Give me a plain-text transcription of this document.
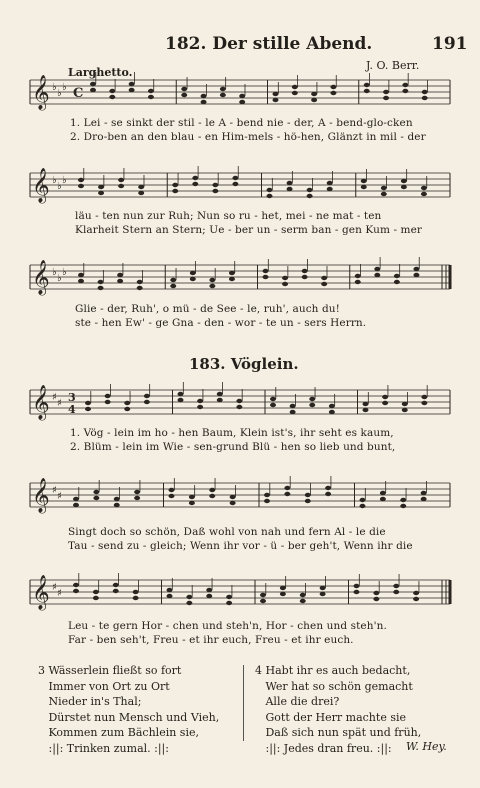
182. Der stille Abend.	191
J. O. Berr.
Larghetto.
𝄞 ♭
♭
♭ C
1. Lei - se sinkt der stil - le A - bend nie - der, A - bend-glo-cken
2. Dro-ben an den blau - en Him-mels - hö-hen, Glänzt in mil - der
𝄞 ♭
♭
♭
läu - ten nun zur Ruh; Nun so ru - het, mei - ne mat - ten
Klarheit Stern an Stern; Ue - ber un - serm ban - gen Kum - mer
𝄞 ♭
♭
♭
Glie - der, Ruh', o mü - de See - le, ruh', auch du!
ste - hen Ew' - ge Gna - den - wor - te un - sers Herrn.
183. Vöglein.
𝄞 ♯
♯ 3
4
1. Vög - lein im ho - hen Baum, Klein ist's, ihr seht es kaum,
2. Blüm - lein im Wie - sen-grund Blü - hen so lieb und bunt,
𝄞 ♯
♯
Singt doch so schön, Daß wohl von nah und fern Al - le die
Tau - send zu - gleich; Wenn ihr vor - ü - ber geh't, Wenn ihr die
𝄞 ♯
♯
Leu - te gern Hor - chen und steh'n, Hor - chen und steh'n.
Far - ben seh't, Freu - et ihr euch, Freu - et ihr euch.
3 Wässerlein fließt so fort
Immer von Ort zu Ort
Nieder in's Thal;
Dürstet nun Mensch und Vieh,
Kommen zum Bächlein sie,
:||: Trinken zumal. :||:
4 Habt ihr es auch bedacht,
Wer hat so schön gemacht
Alle die drei?
Gott der Herr machte sie
Daß sich nun spät und früh,
:||: Jedes dran freu. :||:	W. Hey.
